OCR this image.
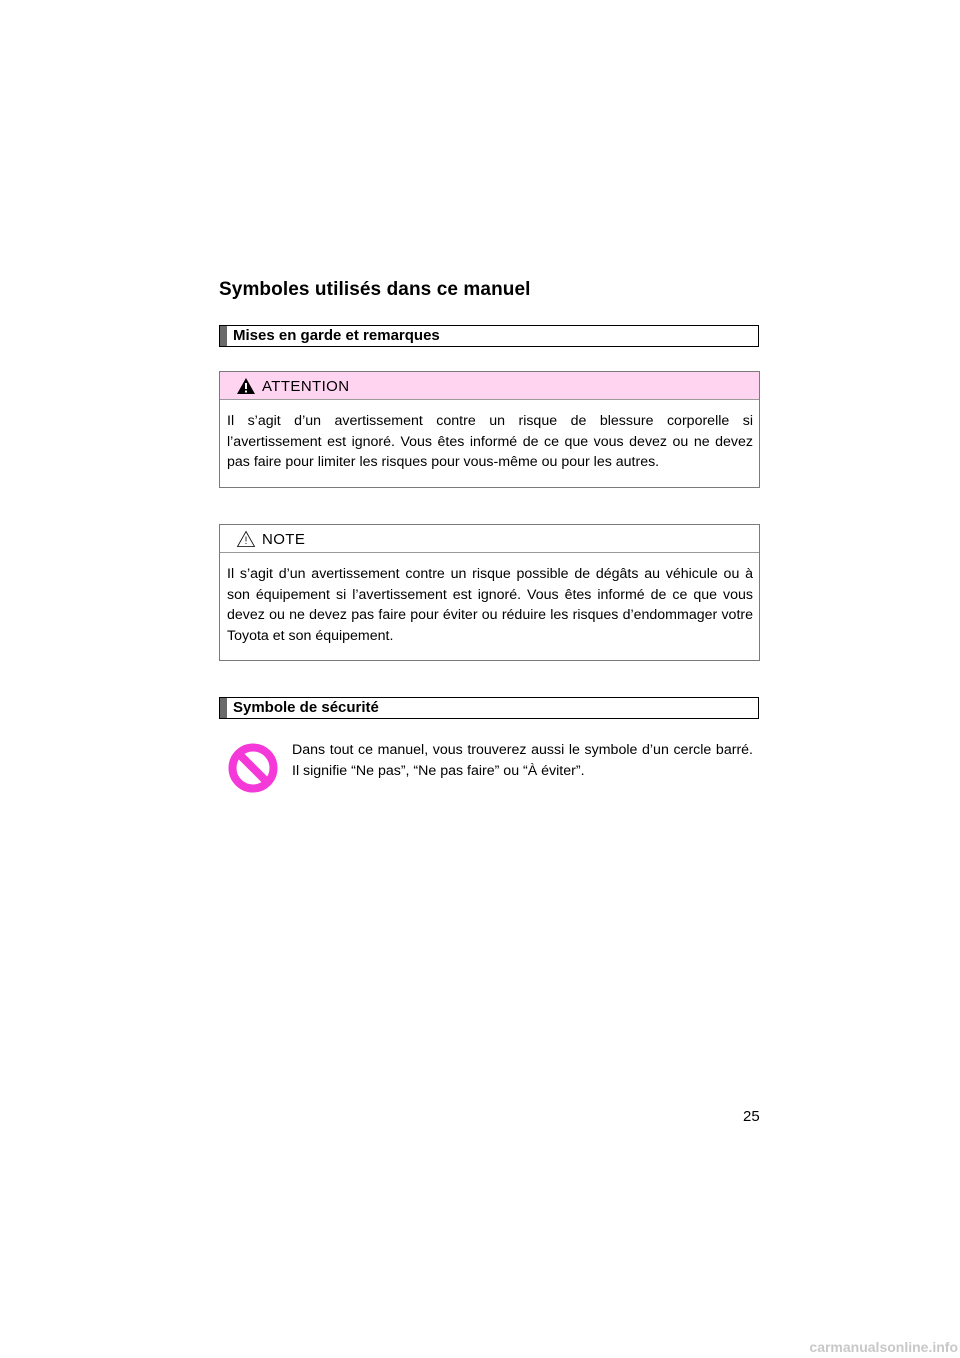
Symboles utilisés dans ce manuel
Mises en garde et remarques
ATTENTION
Il s’agit d’un avertissement contre un risque de blessure corporelle si l’avertissement est ignoré. Vous êtes informé de ce que vous devez ou ne devez pas faire pour limiter les risques pour vous-même ou pour les autres.
NOTE
Il s’agit d’un avertissement contre un risque possible de dégâts au véhicule ou à son équipement si l’avertissement est ignoré. Vous êtes informé de ce que vous devez ou ne devez pas faire pour éviter ou réduire les risques d’endommager votre Toyota et son équipement.
Symbole de sécurité
Dans tout ce manuel, vous trouverez aussi le symbole d’un cercle barré. Il signifie “Ne pas”, “Ne pas faire” ou “À éviter”.
25
carmanualsonline.info
